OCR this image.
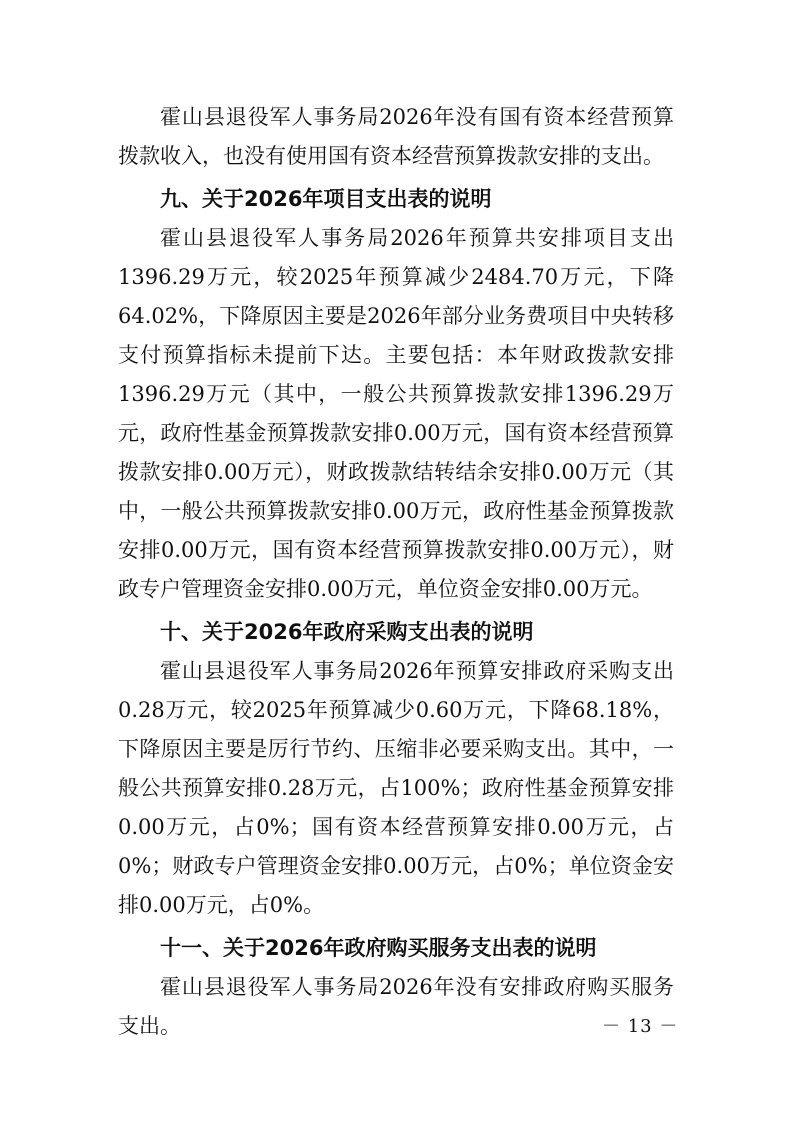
霍山县退役军人事务局2026年没有国有资本经营预算拨款收入，也没有使用国有资本经营预算拨款安排的支出。

九、关于2026年项目支出表的说明

霍山县退役军人事务局2026年预算共安排项目支出1396.29万元，较2025年预算减少2484.70万元，下降64.02%，下降原因主要是2026年部分业务费项目中央转移支付预算指标未提前下达。主要包括：本年财政拨款安排1396.29万元（其中，一般公共预算拨款安排1396.29万元，政府性基金预算拨款安排0.00万元，国有资本经营预算拨款安排0.00万元），财政拨款结转结余安排0.00万元（其中，一般公共预算拨款安排0.00万元，政府性基金预算拨款安排0.00万元，国有资本经营预算拨款安排0.00万元），财政专户管理资金安排0.00万元，单位资金安排0.00万元。

十、关于2026年政府采购支出表的说明

霍山县退役军人事务局2026年预算安排政府采购支出0.28万元，较2025年预算减少0.60万元，下降68.18%，下降原因主要是厉行节约、压缩非必要采购支出。其中，一般公共预算安排0.28万元，占100%；政府性基金预算安排0.00万元，占0%；国有资本经营预算安排0.00万元，占0%；财政专户管理资金安排0.00万元，占0%；单位资金安排0.00万元，占0%。

十一、关于2026年政府购买服务支出表的说明

霍山县退役军人事务局2026年没有安排政府购买服务支出。	－ 13 －
